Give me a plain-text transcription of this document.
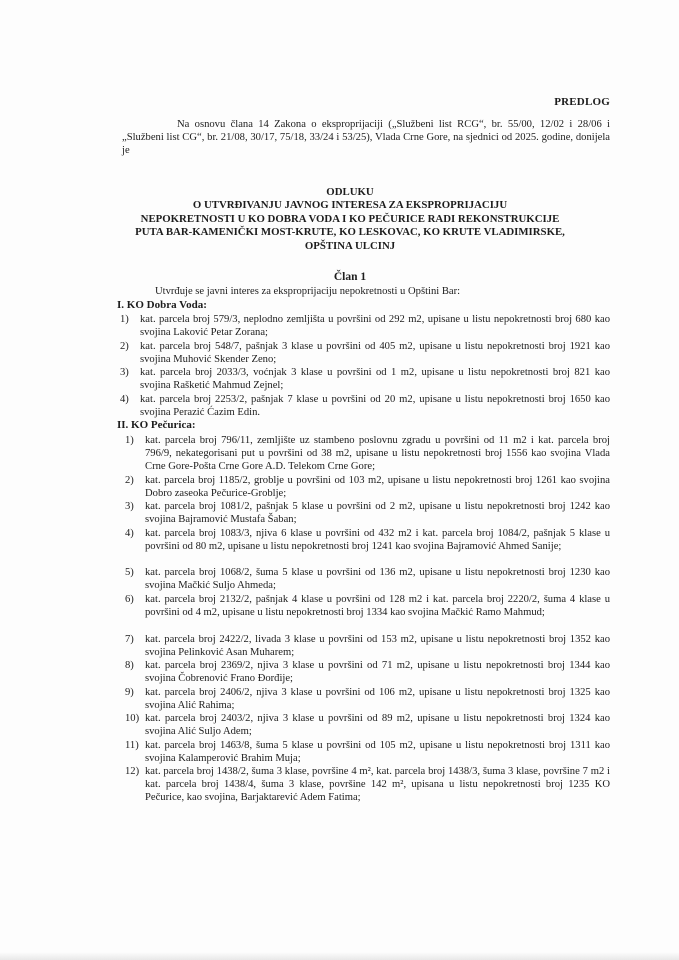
PREDLOG
Na osnovu člana 14 Zakona o eksproprijaciji („Službeni list RCG“, br. 55/00, 12/02 i 28/06 i „Službeni list CG“, br. 21/08, 30/17, 75/18, 33/24 i 53/25), Vlada Crne Gore, na sjednici od 2025. godine, donijela je
ODLUKU
O UTVRĐIVANJU JAVNOG INTERESA ZA EKSPROPRIJACIJU
NEPOKRETNOSTI U KO DOBRA VODA I KO PEČURICE RADI REKONSTRUKCIJE
PUTA BAR-KAMENIČKI MOST-KRUTE, KO LESKOVAC, KO KRUTE VLADIMIRSKE,
OPŠTINA ULCINJ
Član 1
Utvrđuje se javni interes za eksproprijaciju nepokretnosti u Opštini Bar:
I. KO Dobra Voda:
1) kat. parcela broj 579/3, neplodno zemljišta u površini od 292 m2, upisane u listu nepokretnosti broj 680 kao svojina Laković Petar Zorana;
2) kat. parcela broj 548/7, pašnjak 3 klase u površini od 405 m2, upisane u listu nepokretnosti broj 1921 kao svojina Muhović Skender Zeno;
3) kat. parcela broj 2033/3, voćnjak 3 klase u površini od 1 m2, upisane u listu nepokretnosti broj 821 kao svojina Rašketić Mahmud Zejnel;
4) kat. parcela broj 2253/2, pašnjak 7 klase u površini od 20 m2, upisane u listu nepokretnosti broj 1650 kao svojina Perazić Ćazim Edin.
II. KO Pečurica:
1) kat. parcela broj 796/11, zemljište uz stambeno poslovnu zgradu u površini od 11 m2 i kat. parcela broj 796/9, nekategorisani put u površini od 38 m2, upisane u listu nepokretnosti broj 1556 kao svojina Vlada Crne Gore-Pošta Crne Gore A.D. Telekom Crne Gore;
2) kat. parcela broj 1185/2, groblje u površini od 103 m2, upisane u listu nepokretnosti broj 1261 kao svojina Dobro zaseoka Pečurice-Groblje;
3) kat. parcela broj 1081/2, pašnjak 5 klase u površini od 2 m2, upisane u listu nepokretnosti broj 1242 kao svojina Bajramović Mustafa Šaban;
4) kat. parcela broj 1083/3, njiva 6 klase u površini od 432 m2 i kat. parcela broj 1084/2, pašnjak 5 klase u površini od 80 m2, upisane u listu nepokretnosti broj 1241 kao svojina Bajramović Ahmed Sanije;
5) kat. parcela broj 1068/2, šuma 5 klase u površini od 136 m2, upisane u listu nepokretnosti broj 1230 kao svojina Mačkić Suljo Ahmeda;
6) kat. parcela broj 2132/2, pašnjak 4 klase u površini od 128 m2 i kat. parcela broj 2220/2, šuma 4 klase u površini od 4 m2, upisane u listu nepokretnosti broj 1334 kao svojina Mačkić Ramo Mahmud;
7) kat. parcela broj 2422/2, livada 3 klase u površini od 153 m2, upisane u listu nepokretnosti broj 1352 kao svojina Pelinković Asan Muharem;
8) kat. parcela broj 2369/2, njiva 3 klase u površini od 71 m2, upisane u listu nepokretnosti broj 1344 kao svojina Čobrenović Frano Đorđije;
9) kat. parcela broj 2406/2, njiva 3 klase u površini od 106 m2, upisane u listu nepokretnosti broj 1325 kao svojina Alić Rahima;
10) kat. parcela broj 2403/2, njiva 3 klase u površini od 89 m2, upisane u listu nepokretnosti broj 1324 kao svojina Alić Suljo Adem;
11) kat. parcela broj 1463/8, šuma 5 klase u površini od 105 m2, upisane u listu nepokretnosti broj 1311 kao svojina Kalamperović Brahim Muja;
12) kat. parcela broj 1438/2, šuma 3 klase, površine 4 m², kat. parcela broj 1438/3, šuma 3 klase, površine 7 m2 i kat. parcela broj 1438/4, šuma 3 klase, površine 142 m², upisana u listu nepokretnosti broj 1235 KO Pečurice, kao svojina, Barjaktarević Adem Fatima;
